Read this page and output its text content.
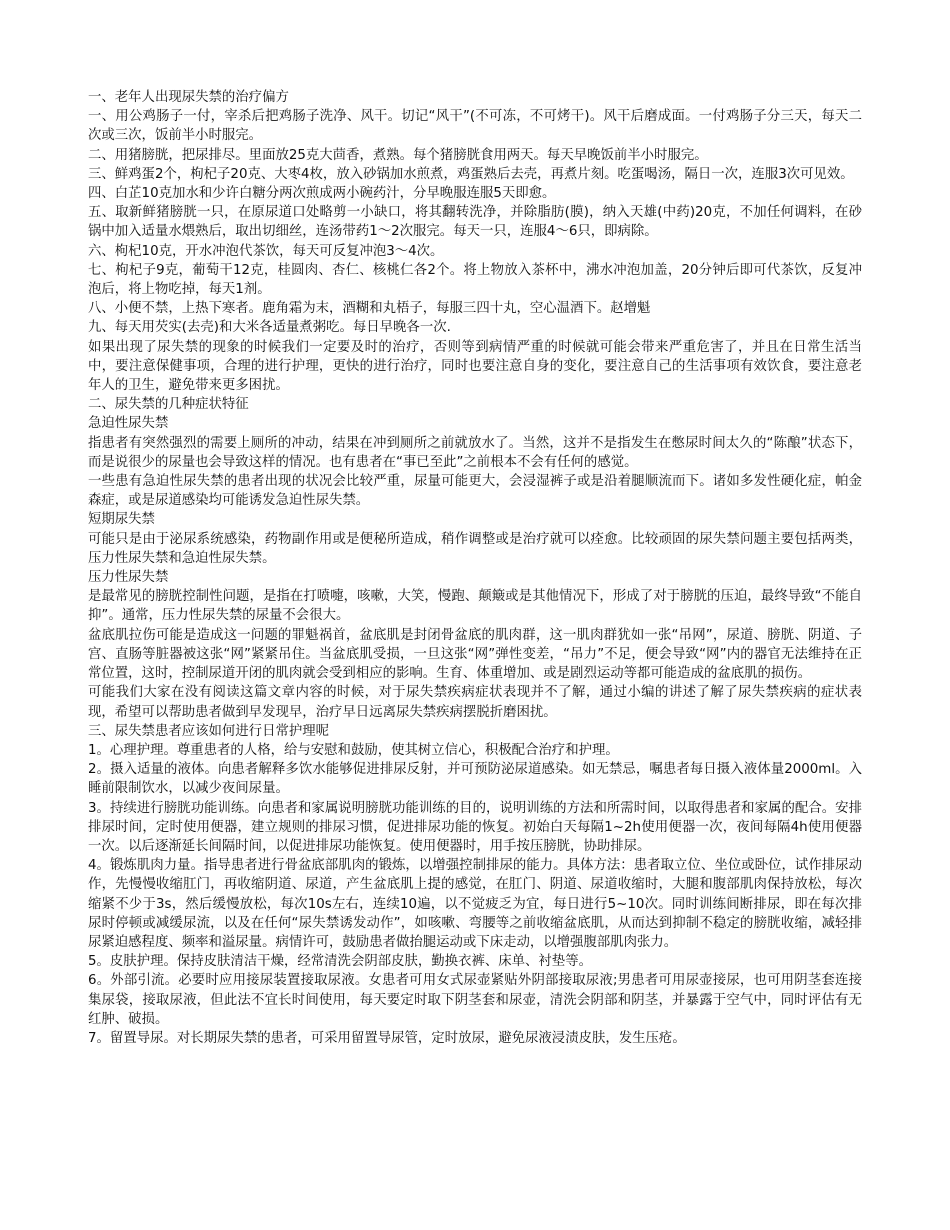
一、老年人出现尿失禁的治疗偏方

一、用公鸡肠子一付，宰杀后把鸡肠子洗净、风干。切记“风干”(不可冻，不可烤干)。风干后磨成面。一付鸡肠子分三天，每天二次或三次，饭前半小时服完。

二、用猪膀胱，把尿排尽。里面放25克大茴香，煮熟。每个猪膀胱食用两天。每天早晚饭前半小时服完。

三、鲜鸡蛋2个，枸杞子20克、大枣4枚，放入砂锅加水煎煮，鸡蛋熟后去壳，再煮片刻。吃蛋喝汤，隔日一次，连服3次可见效。

四、白芷10克加水和少许白糖分两次煎成两小碗药汁，分早晚服连服5天即愈。

五、取新鲜猪膀胱一只，在原尿道口处略剪一小缺口，将其翻转洗净，并除脂肪(膜)，纳入天雄(中药)20克，不加任何调料，在砂锅中加入适量水煨熟后，取出切细丝，连汤带药1～2次服完。每天一只，连服4～6只，即病除。

六、枸杞10克，开水冲泡代茶饮，每天可反复冲泡3～4次。

七、枸杞子9克，葡萄干12克，桂圆肉、杏仁、核桃仁各2个。将上物放入茶杯中，沸水冲泡加盖，20分钟后即可代茶饮，反复冲泡后，将上物吃掉，每天1剂。

八、小便不禁，上热下寒者。鹿角霜为末，酒糊和丸梧子，每服三四十丸，空心温酒下。赵增魁

九、每天用芡实(去壳)和大米各适量煮粥吃。每日早晚各一次.

如果出现了尿失禁的现象的时候我们一定要及时的治疗，否则等到病情严重的时候就可能会带来严重危害了，并且在日常生活当中，要注意保健事项，合理的进行护理，更快的进行治疗，同时也要注意自身的变化，要注意自己的生活事项有效饮食，要注意老年人的卫生，避免带来更多困扰。

二、尿失禁的几种症状特征

急迫性尿失禁

指患者有突然强烈的需要上厕所的冲动，结果在冲到厕所之前就放水了。当然，这并不是指发生在憋尿时间太久的“陈酿”状态下，而是说很少的尿量也会导致这样的情况。也有患者在“事已至此”之前根本不会有任何的感觉。

一些患有急迫性尿失禁的患者出现的状况会比较严重，尿量可能更大，会浸湿裤子或是沿着腿顺流而下。诸如多发性硬化症，帕金森症，或是尿道感染均可能诱发急迫性尿失禁。

短期尿失禁

可能只是由于泌尿系统感染，药物副作用或是便秘所造成，稍作调整或是治疗就可以痊愈。比较顽固的尿失禁问题主要包括两类，压力性尿失禁和急迫性尿失禁。

压力性尿失禁

是最常见的膀胱控制性问题，是指在打喷嚏，咳嗽，大笑，慢跑、颠簸或是其他情况下，形成了对于膀胱的压迫，最终导致“不能自抑”。通常，压力性尿失禁的尿量不会很大。

盆底肌拉伤可能是造成这一问题的罪魁祸首，盆底肌是封闭骨盆底的肌肉群，这一肌肉群犹如一张“吊网”，尿道、膀胱、阴道、子宫、直肠等脏器被这张“网”紧紧吊住。当盆底肌受损，一旦这张“网”弹性变差，“吊力”不足，便会导致“网”内的器官无法维持在正常位置，这时，控制尿道开闭的肌肉就会受到相应的影响。生育、体重增加、或是剧烈运动等都可能造成的盆底肌的损伤。

可能我们大家在没有阅读这篇文章内容的时候，对于尿失禁疾病症状表现并不了解，通过小编的讲述了解了尿失禁疾病的症状表现，希望可以帮助患者做到早发现早，治疗早日远离尿失禁疾病摆脱折磨困扰。

三、尿失禁患者应该如何进行日常护理呢

1。心理护理。尊重患者的人格，给与安慰和鼓励，使其树立信心，积极配合治疗和护理。

2。摄入适量的液体。向患者解释多饮水能够促进排尿反射，并可预防泌尿道感染。如无禁忌，嘱患者每日摄入液体量2000ml。入睡前限制饮水，以减少夜间尿量。

3。持续进行膀胱功能训练。向患者和家属说明膀胱功能训练的目的，说明训练的方法和所需时间，以取得患者和家属的配合。安排排尿时间，定时使用便器，建立规则的排尿习惯，促进排尿功能的恢复。初始白天每隔1~2h使用便器一次，夜间每隔4h使用便器一次。以后逐渐延长间隔时间，以促进排尿功能恢复。使用便器时，用手按压膀胱，协助排尿。

4。锻炼肌肉力量。指导患者进行骨盆底部肌肉的锻炼，以增强控制排尿的能力。具体方法：患者取立位、坐位或卧位，试作排尿动作，先慢慢收缩肛门，再收缩阴道、尿道，产生盆底肌上提的感觉，在肛门、阴道、尿道收缩时，大腿和腹部肌肉保持放松，每次缩紧不少于3s，然后缓慢放松，每次10s左右，连续10遍，以不觉疲乏为宜，每日进行5~10次。同时训练间断排尿，即在每次排尿时停顿或减缓尿流，以及在任何“尿失禁诱发动作”，如咳嗽、弯腰等之前收缩盆底肌，从而达到抑制不稳定的膀胱收缩，减轻排尿紧迫感程度、频率和溢尿量。病情许可，鼓励患者做抬腿运动或下床走动，以增强腹部肌肉张力。

5。皮肤护理。保持皮肤清洁干燥，经常清洗会阴部皮肤，勤换衣裤、床单、衬垫等。

6。外部引流。必要时应用接尿装置接取尿液。女患者可用女式尿壶紧贴外阴部接取尿液;男患者可用尿壶接尿，也可用阴茎套连接集尿袋，接取尿液，但此法不宜长时间使用，每天要定时取下阴茎套和尿壶，清洗会阴部和阴茎，并暴露于空气中，同时评估有无红肿、破损。

7。留置导尿。对长期尿失禁的患者，可采用留置导尿管，定时放尿，避免尿液浸渍皮肤，发生压疮。
